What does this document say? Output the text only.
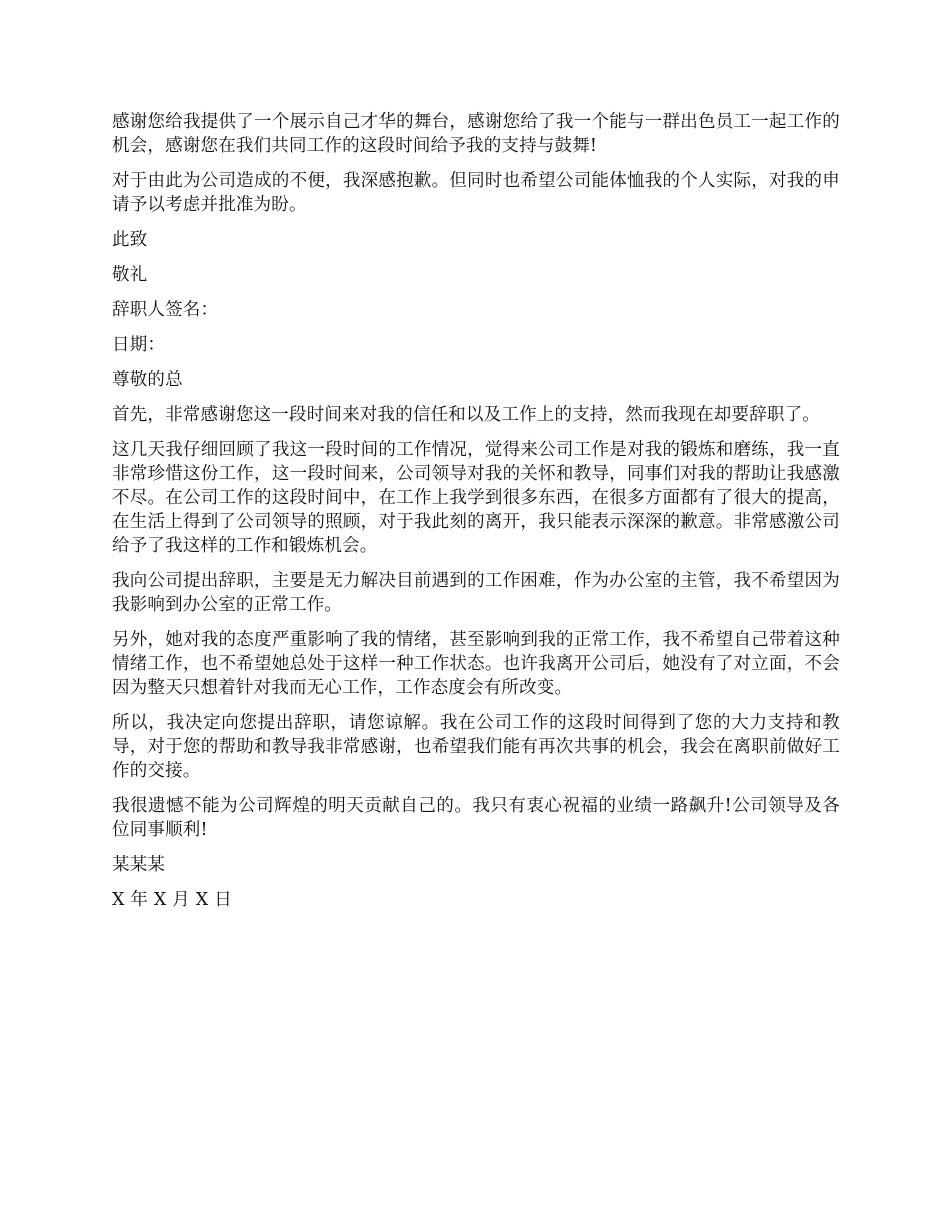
感谢您给我提供了一个展示自己才华的舞台，感谢您给了我一个能与一群出色员工一起工作的机会，感谢您在我们共同工作的这段时间给予我的支持与鼓舞!

对于由此为公司造成的不便，我深感抱歉。但同时也希望公司能体恤我的个人实际，对我的申请予以考虑并批准为盼。

此致

敬礼

辞职人签名：

日期：

尊敬的总

首先，非常感谢您这一段时间来对我的信任和以及工作上的支持，然而我现在却要辞职了。

这几天我仔细回顾了我这一段时间的工作情况，觉得来公司工作是对我的锻炼和磨练，我一直非常珍惜这份工作，这一段时间来，公司领导对我的关怀和教导，同事们对我的帮助让我感激不尽。在公司工作的这段时间中，在工作上我学到很多东西，在很多方面都有了很大的提高，在生活上得到了公司领导的照顾，对于我此刻的离开，我只能表示深深的歉意。非常感激公司给予了我这样的工作和锻炼机会。

我向公司提出辞职，主要是无力解决目前遇到的工作困难，作为办公室的主管，我不希望因为我影响到办公室的正常工作。

另外，她对我的态度严重影响了我的情绪，甚至影响到我的正常工作，我不希望自己带着这种情绪工作，也不希望她总处于这样一种工作状态。也许我离开公司后，她没有了对立面，不会因为整天只想着针对我而无心工作，工作态度会有所改变。

所以，我决定向您提出辞职，请您谅解。我在公司工作的这段时间得到了您的大力支持和教导，对于您的帮助和教导我非常感谢，也希望我们能有再次共事的机会，我会在离职前做好工作的交接。

我很遗憾不能为公司辉煌的明天贡献自己的。我只有衷心祝福的业绩一路飙升!公司领导及各位同事顺利!

某某某

X 年 X 月 X 日
